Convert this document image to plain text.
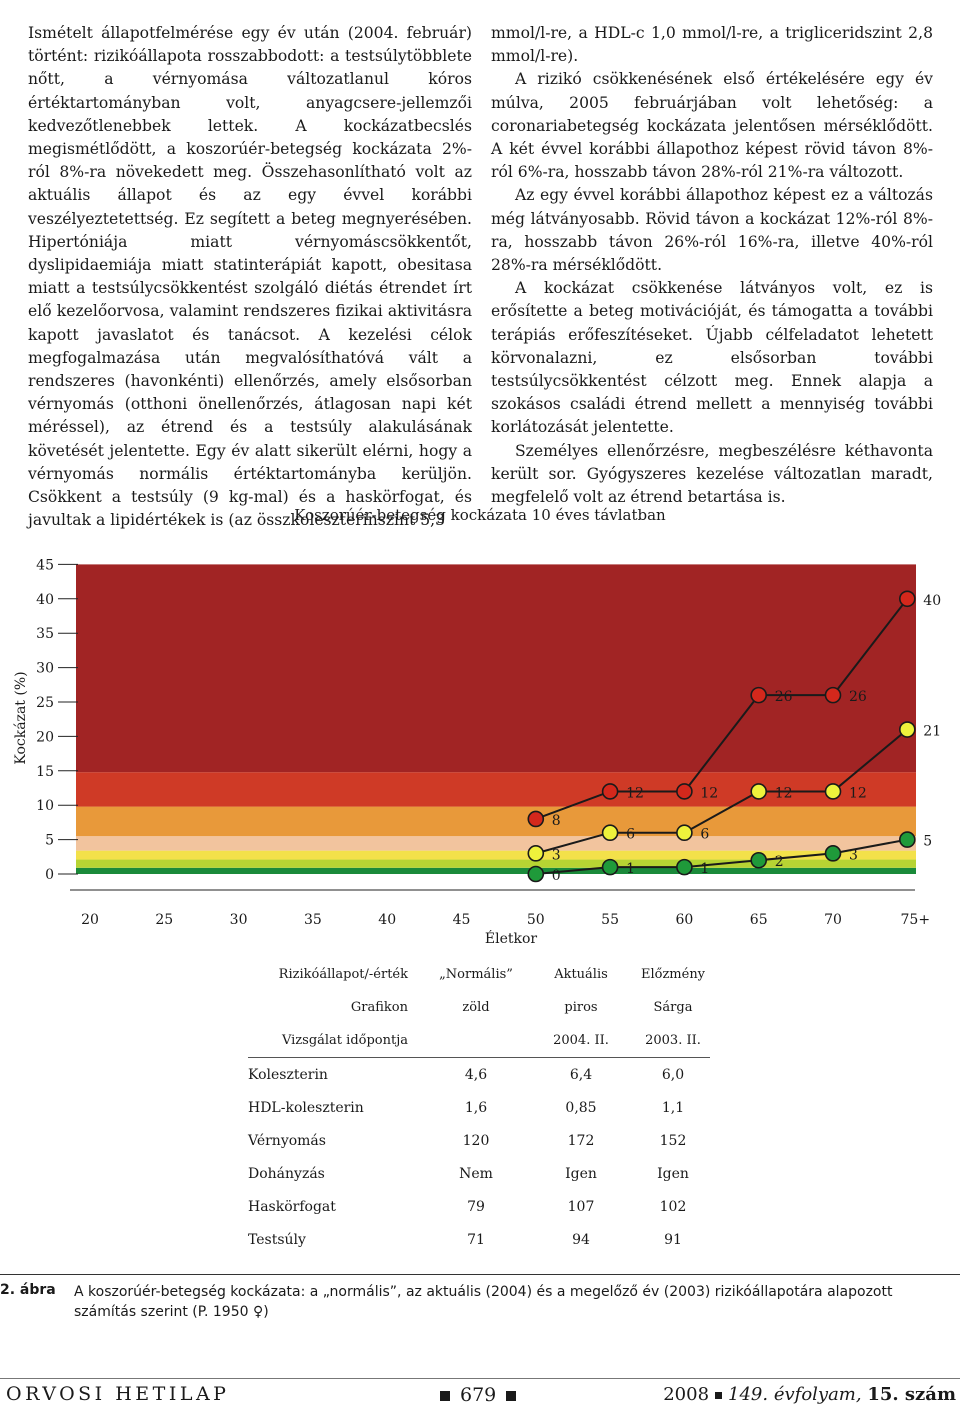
Ismételt állapotfelmérése egy év után (2004. február) történt: rizikóállapota rosszabbodott: a testsúlytöbblete nőtt, a vérnyomása változatlanul kóros értéktartományban volt, anyagcsere-jellemzői kedvezőtlenebbek lettek. A kockázatbecslés megismétlődött, a koszorúér-betegség kockázata 2%-ról 8%-ra növekedett meg. Összehasonlítható volt az aktuális állapot és az egy évvel korábbi veszélyeztetettség. Ez segített a beteg megnyerésében. Hipertóniája miatt vérnyomáscsökkentőt, dyslipidaemiája miatt statinterápiát kapott, obesitasa miatt a testsúlycsökkentést szolgáló diétás étrendet írt elő kezelőorvosa, valamint rendszeres fizikai aktivitásra kapott javaslatot és tanácsot. A kezelési célok megfogalmazása után megvalósíthatóvá vált a rendszeres (havonkénti) ellenőrzés, amely elsősorban vérnyomás (otthoni önellenőrzés, átlagosan napi két méréssel), az étrend és a testsúly alakulásának követését jelentette. Egy év alatt sikerült elérni, hogy a vérnyomás normális értéktartományba kerüljön. Csökkent a testsúly (9 kg-mal) és a haskörfogat, és javultak a lipidértékek is (az összkoleszterinszint 5,3

mmol/l-re, a HDL-c 1,0 mmol/l-re, a trigliceridszint 2,8 mmol/l-re).

A rizikó csökkenésének első értékelésére egy év múlva, 2005 februárjában volt lehetőség: a coronariabetegség kockázata jelentősen mérséklődött. A két évvel korábbi állapothoz képest rövid távon 8%-ról 6%-ra, hosszabb távon 28%-ról 21%-ra változott.

Az egy évvel korábbi állapothoz képest ez a változás még látványosabb. Rövid távon a kockázat 12%-ról 8%-ra, hosszabb távon 26%-ról 16%-ra, illetve 40%-ról 28%-ra mérséklődött.

A kockázat csökkenése látványos volt, ez is erősítette a beteg motivációját, és támogatta a további terápiás erőfeszítéseket. Újabb célfeladatot lehetett körvonalazni, ez elsősorban további testsúlycsökkentést célzott meg. Ennek alapja a szokásos családi étrend mellett a mennyiség további korlátozását jelentette.

Személyes ellenőrzésre, megbeszélésre kéthavonta került sor. Gyógyszeres kezelése változatlan maradt, megfelelő volt az étrend betartása is.

Koszorúér-betegség kockázata 10 éves távlatban
0
5
10
15
20
25
30
35
40
45
20	25	30	35	40	45	50	55	60	65	70	75+
Kockázat (%)
Életkor
8
12	12
26	26
40
3
6	6
12	12
21
0	1	1	2	3
5
Rizikóállapot/-érték	„Normális”	Aktuális	Előzmény
Grafikon	zöld	piros	Sárga
Vizsgálat időpontja		2004. II.	2003. II.
Koleszterin	4,6	6,4	6,0
HDL-koleszterin	1,6	0,85	1,1
Vérnyomás	120	172	152
Dohányzás	Nem	Igen	Igen
Haskörfogat	79	107	102
Testsúly	71	94	91
2. ábra A koszorúér-betegség kockázata: a „normális”, az aktuális (2004) és a megelőző év (2003) rizikóállapotára alapozott számítás szerint (P. 1950 ♀)
ORVOSI HETILAP	679	2008 149. évfolyam, 15. szám
